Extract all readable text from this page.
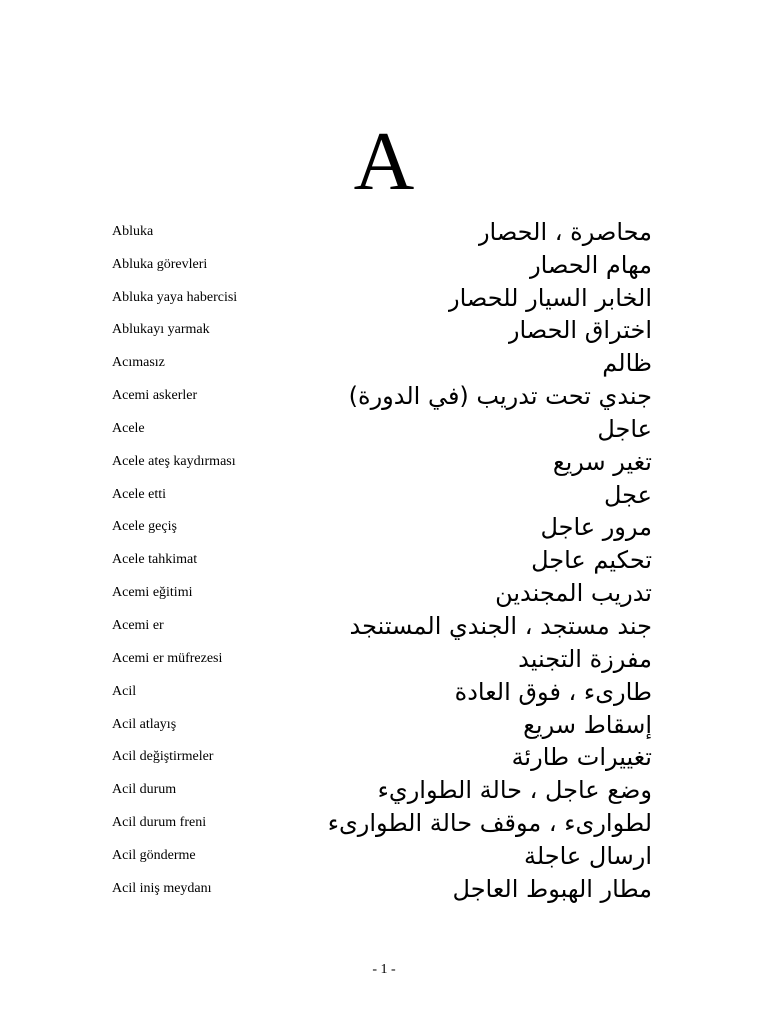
A
Abluka	محاصرة ، الحصار
Abluka görevleri	مهام الحصار
Abluka yaya habercisi	الخابر السيار للحصار
Ablukayı yarmak	اختراق الحصار
Acımasız	ظالم
Acemi askerler	جندي تحت تدريب (في الدورة)
Acele	عاجل
Acele ateş kaydırması	تغير سريع
Acele etti	عجل
Acele geçiş	مرور عاجل
Acele tahkimat	تحكيم عاجل
Acemi eğitimi	تدريب المجندين
Acemi er	جند مستجد ، الجندي المستنجد
Acemi er müfrezesi	مفرزة التجنيد
Acil	طارىء ، فوق العادة
Acil atlayış	إسقاط سريع
Acil değiştirmeler	تغييرات طارئة
Acil durum	وضع عاجل ، حالة الطواريء
Acil durum freni	لطوارىء ، موقف حالة الطوارىء
Acil gönderme	ارسال عاجلة
Acil iniş meydanı	مطار الهبوط العاجل
- 1 -
